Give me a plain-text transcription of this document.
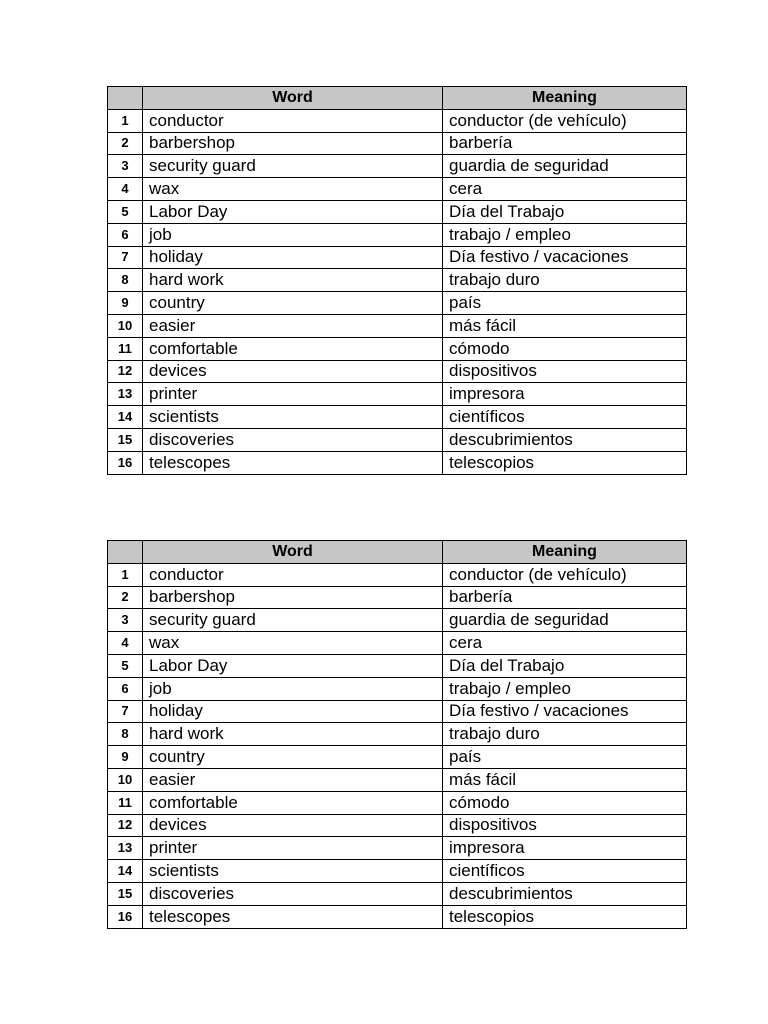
	Word	Meaning
1	conductor	conductor (de vehículo)
2	barbershop	barbería
3	security guard	guardia de seguridad
4	wax	cera
5	Labor Day	Día del Trabajo
6	job	trabajo / empleo
7	holiday	Día festivo / vacaciones
8	hard work	trabajo duro
9	country	país
10	easier	más fácil
11	comfortable	cómodo
12	devices	dispositivos
13	printer	impresora
14	scientists	científicos
15	discoveries	descubrimientos
16	telescopes	telescopios
	Word	Meaning
1	conductor	conductor (de vehículo)
2	barbershop	barbería
3	security guard	guardia de seguridad
4	wax	cera
5	Labor Day	Día del Trabajo
6	job	trabajo / empleo
7	holiday	Día festivo / vacaciones
8	hard work	trabajo duro
9	country	país
10	easier	más fácil
11	comfortable	cómodo
12	devices	dispositivos
13	printer	impresora
14	scientists	científicos
15	discoveries	descubrimientos
16	telescopes	telescopios
